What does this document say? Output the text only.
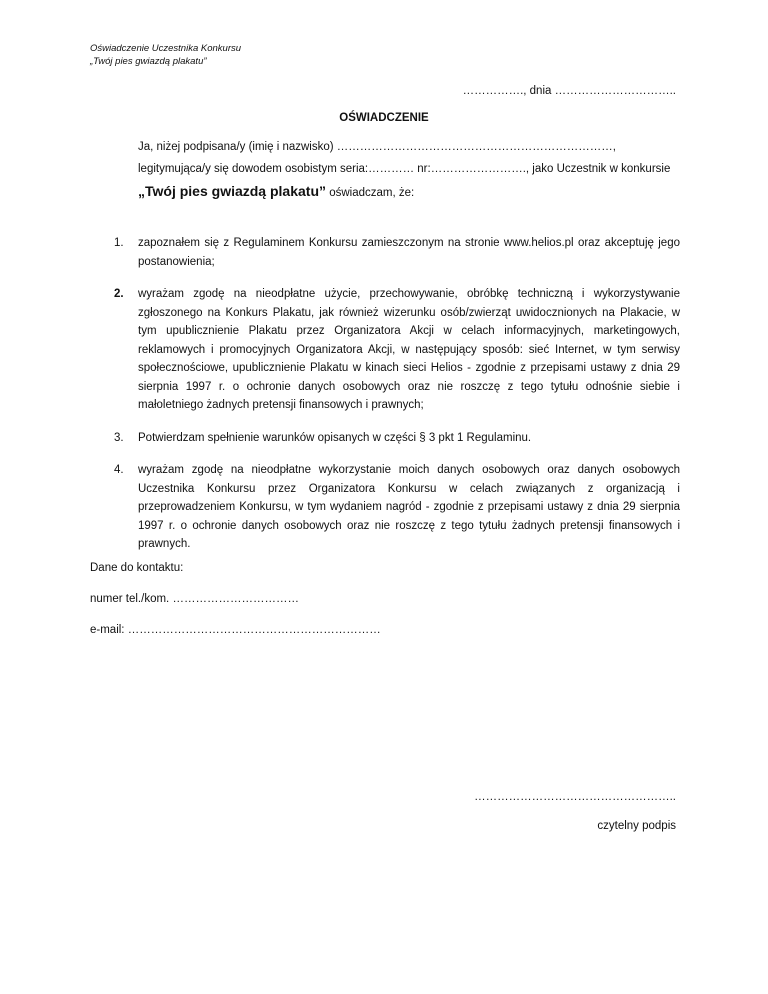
Oświadczenie Uczestnika Konkursu
„Twój pies gwiazdą plakatu”
……………., dnia …………………………..
OŚWIADCZENIE
Ja, niżej podpisana/y (imię i nazwisko) ………………………………………………………………, legitymująca/y się dowodem osobistym seria:………… nr:……………………., jako Uczestnik w konkursie „Twój pies gwiazdą plakatu” oświadczam, że:
1. zapoznałem się z Regulaminem Konkursu zamieszczonym na stronie www.helios.pl oraz akceptuję jego postanowienia;
2. wyrażam zgodę na nieodpłatne użycie, przechowywanie, obróbkę techniczną i wykorzystywanie zgłoszonego na Konkurs Plakatu, jak również wizerunku osób/zwierząt uwidocznionych na Plakacie, w tym upublicznienie Plakatu przez Organizatora Akcji w celach informacyjnych, marketingowych, reklamowych i promocyjnych Organizatora Akcji, w następujący sposób: sieć Internet, w tym serwisy społecznościowe, upublicznienie Plakatu w kinach sieci Helios - zgodnie z przepisami ustawy z dnia 29 sierpnia 1997 r. o ochronie danych osobowych oraz nie roszczę z tego tytułu odnośnie siebie i małoletniego żadnych pretensji finansowych i prawnych;
3. Potwierdzam spełnienie warunków opisanych w części § 3 pkt 1 Regulaminu.
4. wyrażam zgodę na nieodpłatne wykorzystanie moich danych osobowych oraz danych osobowych Uczestnika Konkursu przez Organizatora Konkursu w celach związanych z organizacją i przeprowadzeniem Konkursu, w tym wydaniem nagród - zgodnie z przepisami ustawy z dnia 29 sierpnia 1997 r. o ochronie danych osobowych oraz nie roszczę z tego tytułu żadnych pretensji finansowych i prawnych.
Dane do kontaktu:
numer tel./kom. ……………………………
e-mail: …………………………………………………………
……………………………………………..
czytelny podpis
